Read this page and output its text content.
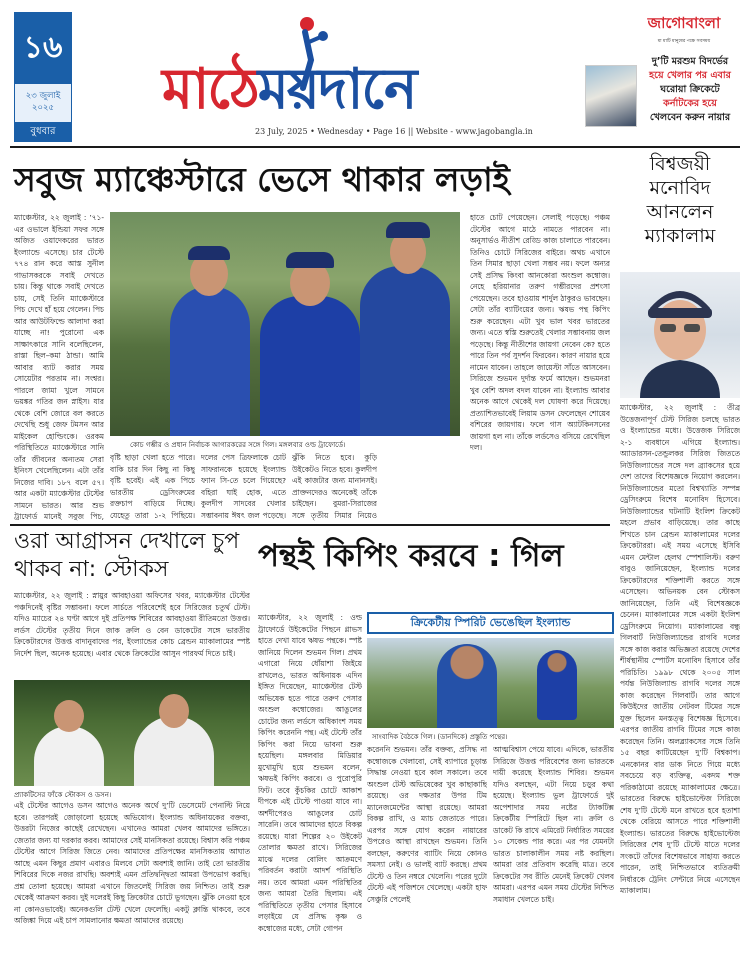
১৬
২৩ জুলাই
২০২৫
বুধবার
মাঠেময়দানে
23 July, 2025 • Wednesday • Page 16 || Website - www.jagobangla.in
জাগোবাংলা
মা মাটি মানুষের পক্ষে সবসময়
দু’টি মরশুম বিদর্ভের
হয়ে খেলার পর এবার
ঘরোয়া ক্রিকেটে
কর্নাটকের হয়ে
খেলবেন করুন নায়ার
সবুজ ম্যাঞ্চেস্টারে ভেসে থাকার লড়াই
ম্যাঞ্চেস্টার, ২২ জুলাই : ’৭১-এর ওভালে ইন্ডিয়া সফর সঙ্গে অজিত ওয়াদেকরের ভারত ইংল্যান্ডে এসেছে। চার টেস্টে ৭৭৪ রান করে আস্ত সুনীল গাভাসকরকে সবাই দেখতে চায়। কিন্তু থাকে সবাই দেখতে চায়, সেই তিনি ম্যাঞ্চেস্টারে পিচ দেখে হাঁ হয়ে গেলেন। পিচ আর আউটফিল্ডে আলাদা করা যাচ্ছে না! পুরোনো এক সাক্ষাৎকারে সানি বলেছিলেন, রাস্তা ছিল–কমা ঠান্ডা। আমি আবার ব্যাট করার সময় সোয়েটার পরতাম না। সংশ্বর। পারলে জামা খুলে সামনে ভয়ঙ্কর গতির জন স্নাইস। যার থেকে বেশি জোরে বল করতে দেখেছি শুধু জেফ টমসন আর মাইকেল হোল্ডিংকে। ওরকম পরিস্থিতিতে ম্যাঞ্চেস্টারে সানি তাঁর জীবনের অন্যতম সেরা ইনিংস খেলেছিলেন। এটা তাঁর নিজের দাবি। ১৮৭ বলে ৫৭। আর একটা ম্যাঞ্চেস্টার টেস্টের সামনে ভারত। আর শুভ ট্রাফোর্ড মানেই সবুজ পিচ,
কোচ গম্ভীর ও প্রধান নির্বাচক আগারকরের সঙ্গে গিল। মঙ্গলবার ওল্ড ট্রাফোর্ডে।
বৃষ্টি ছাড়া খেলা হতে পারে। বাকি চার দিন কিছু না কিছু বৃষ্টি হবেই। এই এক পিচে ভারতীয় ড্রেসিংরুমের রক্তচাপ বাড়িয়ে দিচ্ছে। যেহেতু তারা ১-২ পিছিয়ে।
দলের পেস ত্রিফলাকে চোট সাফরানকে হয়েছে ইংল্যান্ড ফ্যান সি-তে চলে গিয়েছে? বহিরা ঘাই হোক, এতে কুলদীপ সাদবের খেলার সম্ভাবনায় ঈষৎ জল পড়েছে।
ঝুঁকি নিতে হবে। কুড়ি উইকেটও নিতে হবে। কুলদীপ এই কাজটার জন্য মানানসই। প্রাক্তনদেরও অনেকেই তাঁকে চাইছেন। বুমরা-সিরাজের সঙ্গে তৃতীয় সিমার নিয়েও
হাতে চোট পেয়েছেন। সেলাই পড়েছে। পঞ্চম টেস্টের আগে মাঠে নামতে পারবেন না। অনুসার্ভও নীতীশ রেড্ডি কাজ চালাতে পারবেন। তিনিও চোটে সিরিজের বাইরে। অথচ এখানে তিন সিমার ছাড়া খেলা সম্ভব নয়। ফলে অন্যর সেই প্রসিদ্ধ কিংবা আনকোরা অংশুল কম্বোজ। নেহে হরিয়ানার তরুণ গম্ভীরদের প্রশংসা পেয়েছেন। তবে হাওয়ায় শার্দুল ঠাকুরও ভাবছেন। সেটা তাঁর ব্যাটিংয়ের জন্য। ঋষভ পন্থ কিপিং শুরু করেছেন। এটা খুব ভাল খবর ভারতের জন্য। এতে স্বস্তি শুরুতেই খেলার সম্ভাবনায় জল পড়েছে। কিন্তু নীতীশের জায়গা নেবেন কে? হতে পারে তিন পর্ব সুদর্শন ফিরবেন। কারণ নায়ার হয়ে নামেন যাবেন। তাহলে জায়েস্টা সাঁতে আসবেন। সিরিজে শুভমন দুর্দান্ত ফর্মে আছেন। শুভমনরা খুব বেশি অদল বদল যাবেন না। ইংল্যান্ড আবার অনেক আগে থেকেই দল ঘোষণা করে দিয়েছে। প্রত্যাশিতভাবেই লিয়াম ডসন ফেলেছেন শোয়েব বশিরের জায়গায়। ফলে গাস অ্যাটকিনসনের জায়গা হল না। তাঁকে লর্ডসেও বসিয়ে রেখেছিল দল।
বিশ্বজয়ী মনোবিদ আনলেন ম্যাকালাম
ম্যাঞ্চেস্টার, ২২ জুলাই : তীব্র উত্তেজনাপূর্ণ টেস্ট সিরিজ চলছে ভারত ও ইংল্যান্ডের মধ্যে। উত্তেজক সিরিজে ২-১ ব্যবধানে এগিয়ে ইংল্যান্ড। অ্যাডারসন-তেন্ডুলকর সিরিজ জিততে নিউজিল্যান্ডের সঙ্গে দল ব্র্যাকসের হয়ে দেশ তাদের বিশেষজ্ঞকে নিয়োগ করলেন। নিউজিল্যান্ডের মতো বিশ্বখ্যাতি সম্পন্ন ড্রেসিংরুমে বিশেষ মনোবিদ হিসেবে। নিউজিল্যান্ডের ঘটনাটি ইংলিশ ক্রিকেট মহলে প্রভাব বাড়িয়েছে। তার কাছে শিখতে চান ব্রেন্ডন ম্যাকালামের দলের ক্রিকেটাররা। এই সময় এসেছে ইসিবি এমন মেন্টাল হেলথ স্পেশালিস্ট। বরুণ বাবুও জানিয়েছেন, ইংল্যান্ড দলের ক্রিকেটারদের শক্তিশালী করতে সঙ্গে এসেছেন। অভিনয়ক বেন স্টোকস জানিয়েছেন, তিনি এই বিশেষজ্ঞকে চেনেন। ম্যাকালামের সঙ্গে একটা ইংলিশ ড্রেসিংরুমে নিয়োগ। ম্যাকালামের বন্ধু গিলবার্ট নিউজিল্যান্ডের রাগবি দলের সঙ্গে কাজ করার অভিজ্ঞতা রয়েছে দেশের শীর্ষস্থানীয় স্পোর্টস মনোবিদ হিসাবে তাঁর পরিচিতি। ১৯৯৮ থেকে ২০০৫ সাল পর্যন্ত নিউজিল্যান্ড রাগবি দলের সঙ্গে কাজ করেছেন গিলবার্ট। তার আগে কিউইদের জাতীয় নেটবল টিমের সঙ্গে যুক্ত ছিলেন মনস্তত্ত্ব বিশেষজ্ঞ হিসেবে। এরপর জাতীয় রাগবি টিমের সঙ্গে কাজ করেছেন তিনি। অলব্ল্যাকসের সঙ্গে তিনি ১৫ বছর কাটিয়েছেন দু’টি বিশ্বকাপ। এনকোনর বার ডাক নিতে গিয়ে মধ্যে সবচেয়ে বড় ব্যক্তিত্ব, একদম শক্ত পরিকাঠামো রয়েছে ম্যাকালামের ক্ষেত্রে। ভারতের বিরুদ্ধে হাইভোল্টেজ সিরিজে শেষ দু’টি টেস্টে মনে রাখতে হবে হতাশা থেকে বেরিয়ে আসতে পারে শক্তিশালী ইংল্যান্ড। ভারতের বিরুদ্ধে হাইভোল্টেজ সিরিজের শেষ দু’টি টেস্টে যাতে দলের সংকটে তাঁদের বিশেষভাবে সাহায্য করতে পারেন, তাই নিশ্চিতভাবে ব্যতিক্রমী নির্ধারকে ট্রেনিং সেন্টারে নিয়ে এসেছেন ম্যাকালাম।
ওরা আগ্রাসন দেখালে চুপ থাকব না: স্টোকস
ম্যাঞ্চেস্টার, ২২ জুলাই : স্নায়ুর আবহাওয়া অফিসের খবর, ম্যাঞ্চেস্টার টেস্টের পঞ্চদিনেই বৃষ্টির সম্ভাবনা। ফলে সার্চতে পরিবেশেই হবে সিরিজের চতুর্থ টেস্ট। যদিও ম্যাচের ২৪ ঘণ্টা আগে দুই প্রতিপক্ষ শিবিরের আবহাওয়া রীতিমতো উত্তপ্ত। লর্ডস টেস্টের তৃতীয় দিনে জাক ক্রলি ও বেন ডাকেটের সঙ্গে ভারতীয় ক্রিকেটারদের উত্তপ্ত বাদানুবাদের পর, ইংল্যান্ডের কোচ ব্রেন্ডন ম্যাকালামের স্পষ্ট নির্দেশ ছিল, অনেক হয়েছে। এবার থেকে ক্রিকেটের আসুন পারফর্ম দিতে চাই।
প্র্যাকটিসের ফাঁকে স্টোকস ও ডসন।
এই টেস্টের আগেও ডসন আগেও অনেক অর্থে দু’টি ডেসেমেট পেনাল্টি নিয়ে হবে। তারপরই জোড়ালো হয়েছে অভিযোগ। ইংল্যান্ড অধিনায়কের বক্তব্য, উত্তরটা নিজের কাছেই রেখেছেন। এখানেও আমরা খেলব আমাদের ভঙ্গিতে। জেতার জন্য যা দরকার করব। আমাদের সেই মানসিকতা রয়েছে। বিশ্বাস করি পঞ্চম টেস্টের আগে সিরিজ জিতে নেব। আমাদের প্রতিপক্ষের মানসিকতায় আঘাত আছে এমন কিছুর প্রমাণ এবারও মিলবে সেটা অবশ্যই জানি। তাই তো ভারতীয় শিবিরের দিকে নজর রাখছি। অবশ্যই এমন প্রতিদ্বন্দ্বিতা আমরা উপভোগ করছি। প্রশ্ন তোলা হয়েছে। আমরা এখানে জিতলেই সিরিজ জয় নিশ্চিত। তাই শুরু থেকেই আক্রমণ করব। দুই দলেরই কিছু ক্রিকেটার চোটে ভুগছেন। ঝুঁকি নেওয়া হবে না কোনওভাবেই। অনেকগুলি টেস্ট খেলে ফেলেছি। একটু ক্লান্তি থাকবে, তবে অজিঙ্কা দিয়ে এই চাপ সামলানোর ক্ষমতা আমাদের রয়েছে।
পন্থই কিপিং করবে : গিল
ম্যাঞ্চেস্টার, ২২ জুলাই : ওল্ড ট্রাফোর্ডে উইকেটের পিছনে গ্লাভস হাতে দেখা যাবে ঋষভ পন্থকে। স্পষ্ট জানিয়ে দিলেন শুভমন গিল। প্রথম এগারো নিয়ে ধোঁয়াশা জিইয়ে রাখলেও, ভারত অধিনায়ক এদিন ইঙ্গিত দিয়েছেন, ম্যাঞ্চেস্টার টেস্ট অভিষেক হতে পারে তরুণ পেসার অংশুল কম্বোজের। আঙুলের চোটের জন্য লর্ডসে অধিকাংশ সময় কিপিং করেননি পন্থ। এই টেস্টে তাঁর কিপিং করা নিয়ে ভাবনা শুরু হয়েছিল। মঙ্গলবার মিডিয়ার মুখোমুখি হয়ে শুভমন বলেন, ঋষভই কিপিং করবে। ও পুরোপুরি ফিট। তবে কুঁচকির চোটে আকাশ দীপকে এই টেস্টে পাওয়া যাবে না। অর্শদীপেরও আঙুলের চোট সারেনি। তবে আমাদের হাতে বিকল্প রয়েছে। যারা শিল্পের ২০ উইকেট তোলার ক্ষমতা রাখে। সিরিজের মাঝে দলের বোলিং আক্রমণে পরিবর্তন করাটা আদর্শ পরিস্থিতি নয়। তবে আমরা এমন পরিস্থিতির জন্য আমরা তৈরি ছিলাম। এই পরিস্থিতিতে তৃতীয় পেসার হিসাবে লড়াইয়ে যে প্রসিদ্ধ কৃষ্ণ ও কম্বোজের মধ্যে, সেটা গোপন
ক্রিকেটীয় স্পিরিট ভেঙেছিল ইংল্যান্ড
সাংবাদিক বৈঠকে গিল। (ডানদিকে) প্রস্তুতি পন্থের।
করেননি শুভমন। তাঁর বক্তব্য, প্রসিদ্ধ না কম্বোজকে খেলাবো, সেই ব্যাপারে চূড়ান্ত সিদ্ধান্ত নেওয়া হবে কাল সকালে। তবে অংশুল টেস্ট অভিষেকের খুব কাছাকাছি রয়েছে। ওর দক্ষতার উপর টিম ম্যানেজমেন্টের আস্থা রয়েছে। আমরা বিকল্প রাখি, ও ম্যাচ জেতাতে পারে। এরপর সঙ্গে যোগ করেন নায়ারের উপরেও আস্থা রাখছেন শুভমন। তিনি বলছেন, করুণের ব্যাটিং নিয়ে কোনও সমস্যা নেই। ও ভালই ব্যাট করছে। প্রথম টেস্টে ও তিন নম্বরে খেলেনি। পরের দুটো টেস্টে এই পজিশনে খেলেছে। একটা হাফ সেঞ্চুরি পেলেই
আত্মবিশ্বাস পেয়ে যাবে। এদিকে, ভারতীয় সিরিজে উত্তপ্ত পরিবেশের জন্য ভারতকে দায়ী করেছে ইংল্যান্ড শিবির। শুভমন যদিও বলছেন, এটা নিয়ে চড়ুর কথা হয়েছে। ইংল্যান্ড ভুল ট্রাফোর্ডে দুই অপেশাদার সময় নষ্টের ট্যাকটিক্স ক্রিকেটীয় স্পিরিটে ছিল না। ক্রলি ও ডাকেট কি রাখে এমিরেট নির্ধারিত সময়ের ১০ সেকেন্ড পার করে। এর পর যেমনটা ভারত চালাকালীন সময় নষ্ট করছিল। আমরা তার প্রতিবাদ করেছি মাত্র। তবে ক্রিকেটের সব রীতি মেনেই ক্রিকেট খেলব আমরা। এরপর এমন সময় টেস্টের নিশ্চিত সমাধান খেলতে চাই।
